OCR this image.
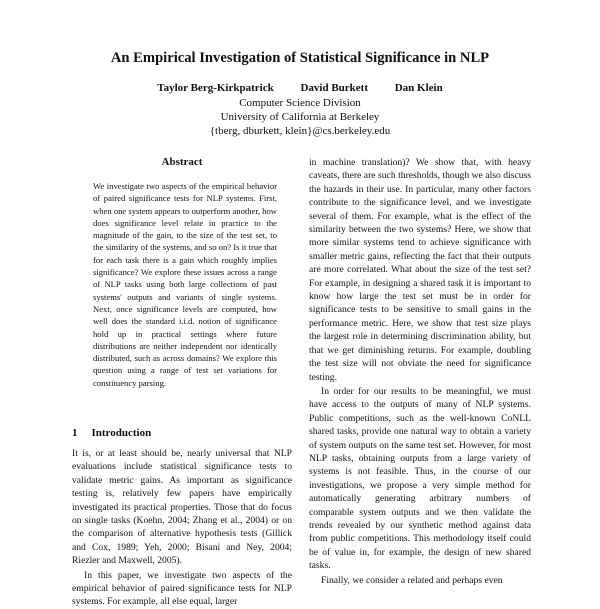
An Empirical Investigation of Statistical Significance in NLP
Taylor Berg-Kirkpatrick David Burkett Dan Klein
Computer Science Division
University of California at Berkeley
{tberg, dburkett, klein}@cs.berkeley.edu
Abstract
We investigate two aspects of the empirical behavior of paired significance tests for NLP systems. First, when one system appears to outperform another, how does significance level relate in practice to the magnitude of the gain, to the size of the test set, to the similarity of the systems, and so on? Is it true that for each task there is a gain which roughly implies significance? We explore these issues across a range of NLP tasks using both large collections of past systems' outputs and variants of single systems. Next, once significance levels are computed, how well does the standard i.i.d. notion of significance hold up in practical settings where future distributions are neither independent nor identically distributed, such as across domains? We explore this question using a range of test set variations for constituency parsing.
1 Introduction

It is, or at least should be, nearly universal that NLP evaluations include statistical significance tests to validate metric gains. As important as significance testing is, relatively few papers have empirically investigated its practical properties. Those that do focus on single tasks (Koehn, 2004; Zhang et al., 2004) or on the comparison of alternative hypothesis tests (Gillick and Cox, 1989; Yeh, 2000; Bisani and Ney, 2004; Riezler and Maxwell, 2005).

In this paper, we investigate two aspects of the empirical behavior of paired significance tests for NLP systems. For example, all else equal, larger

in machine translation)? We show that, with heavy caveats, there are such thresholds, though we also discuss the hazards in their use. In particular, many other factors contribute to the significance level, and we investigate several of them. For example, what is the effect of the similarity between the two systems? Here, we show that more similar systems tend to achieve significance with smaller metric gains, reflecting the fact that their outputs are more correlated. What about the size of the test set? For example, in designing a shared task it is important to know how large the test set must be in order for significance tests to be sensitive to small gains in the performance metric. Here, we show that test size plays the largest role in determining discrimination ability, but that we get diminishing returns. For example, doubling the test size will not obviate the need for significance testing.

In order for our results to be meaningful, we must have access to the outputs of many of NLP systems. Public competitions, such as the well-known CoNLL shared tasks, provide one natural way to obtain a variety of system outputs on the same test set. However, for most NLP tasks, obtaining outputs from a large variety of systems is not feasible. Thus, in the course of our investigations, we propose a very simple method for automatically generating arbitrary numbers of comparable system outputs and we then validate the trends revealed by our synthetic method against data from public competitions. This methodology itself could be of value in, for example, the design of new shared tasks.

Finally, we consider a related and perhaps even
